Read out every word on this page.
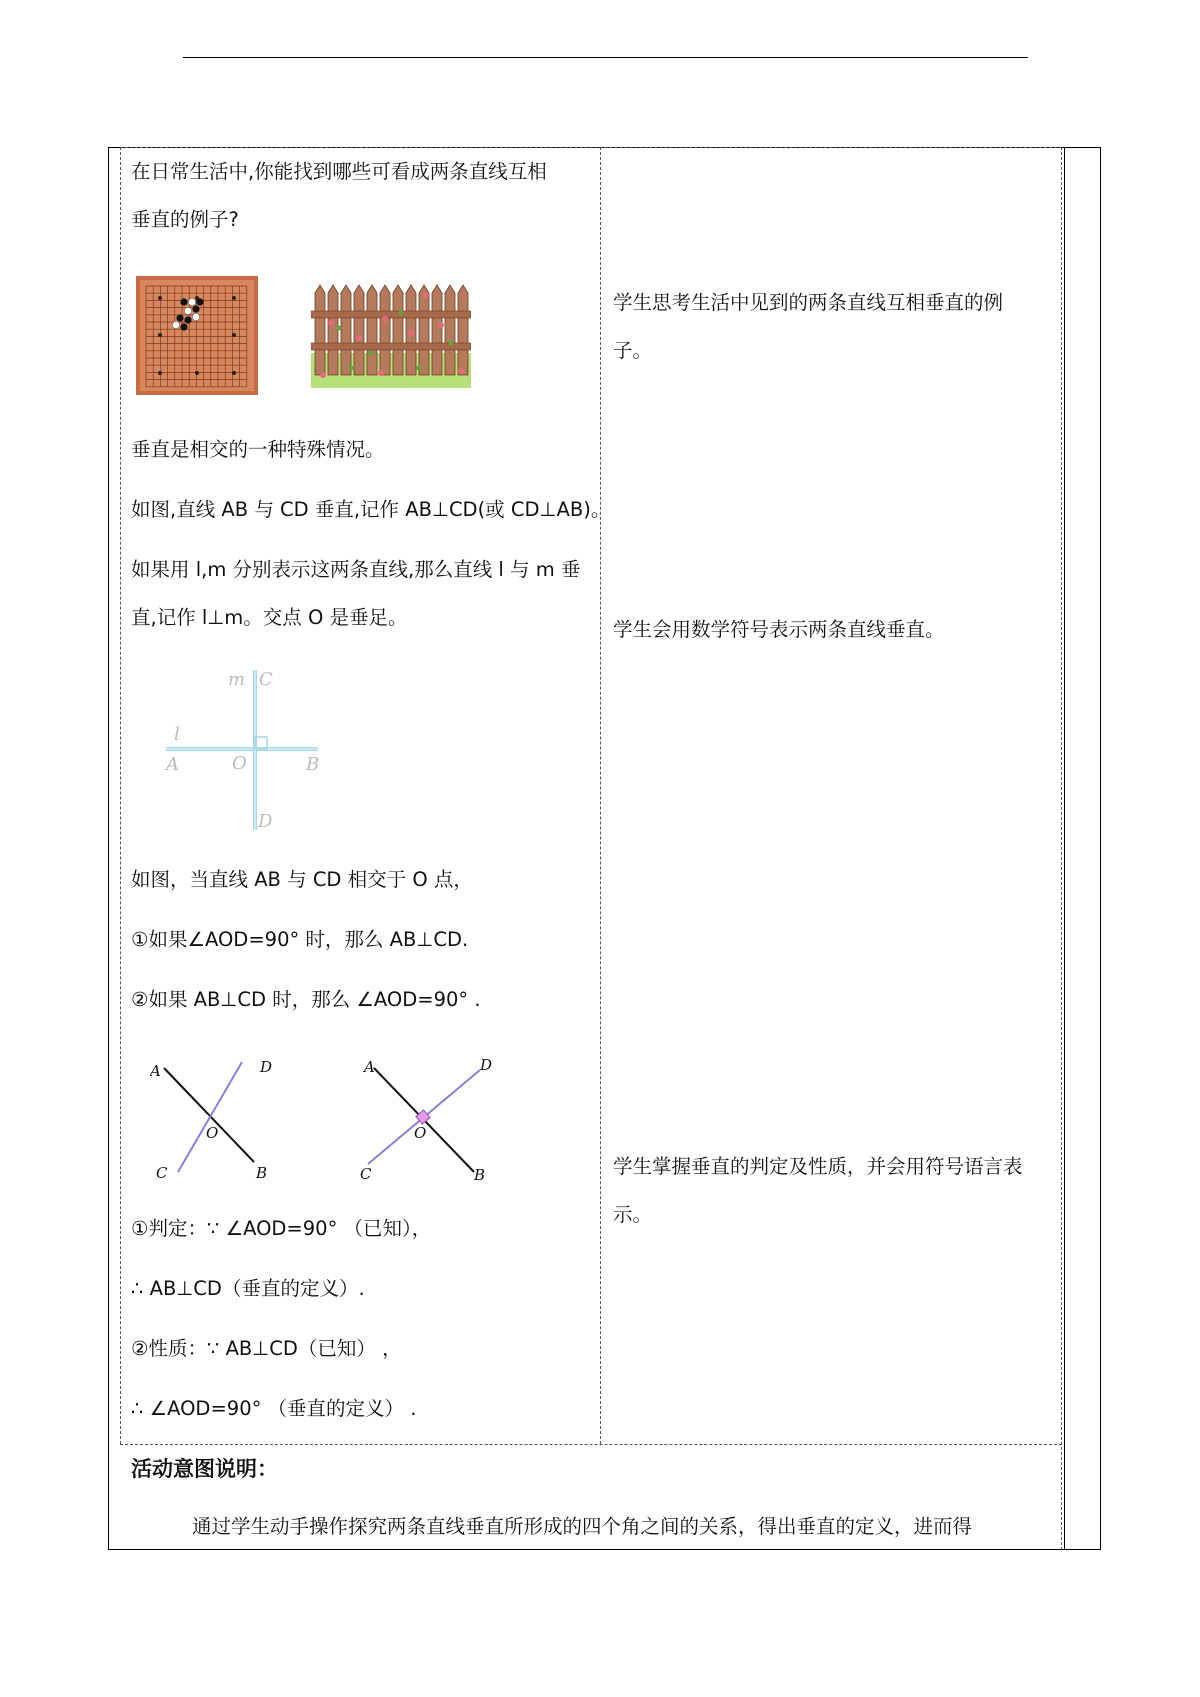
在日常生活中,你能找到哪些可看成两条直线互相
垂直的例子?
垂直是相交的一种特殊情况。
如图,直线 AB 与 CD 垂直,记作 AB⊥CD(或 CD⊥AB)。
如果用 l,m 分别表示这两条直线,那么直线 l 与 m 垂
直,记作 l⊥m。交点 O 是垂足。
m C
l
A	O	B
D
如图，当直线 AB 与 CD 相交于 O 点，
①如果∠AOD=90° 时，那么 AB⊥CD.
②如果 AB⊥CD 时，那么 ∠AOD=90° .
A	D
O
C	B
A	D
O
C	B
①判定：∵ ∠AOD=90° （已知），
∴ AB⊥CD（垂直的定义）.
②性质：∵ AB⊥CD（已知） ，
∴ ∠AOD=90° （垂直的定义） .
学生思考生活中见到的两条直线互相垂直的例
子。
学生会用数学符号表示两条直线垂直。
学生掌握垂直的判定及性质，并会用符号语言表
示。
活动意图说明：
通过学生动手操作探究两条直线垂直所形成的四个角之间的关系，得出垂直的定义，进而得
